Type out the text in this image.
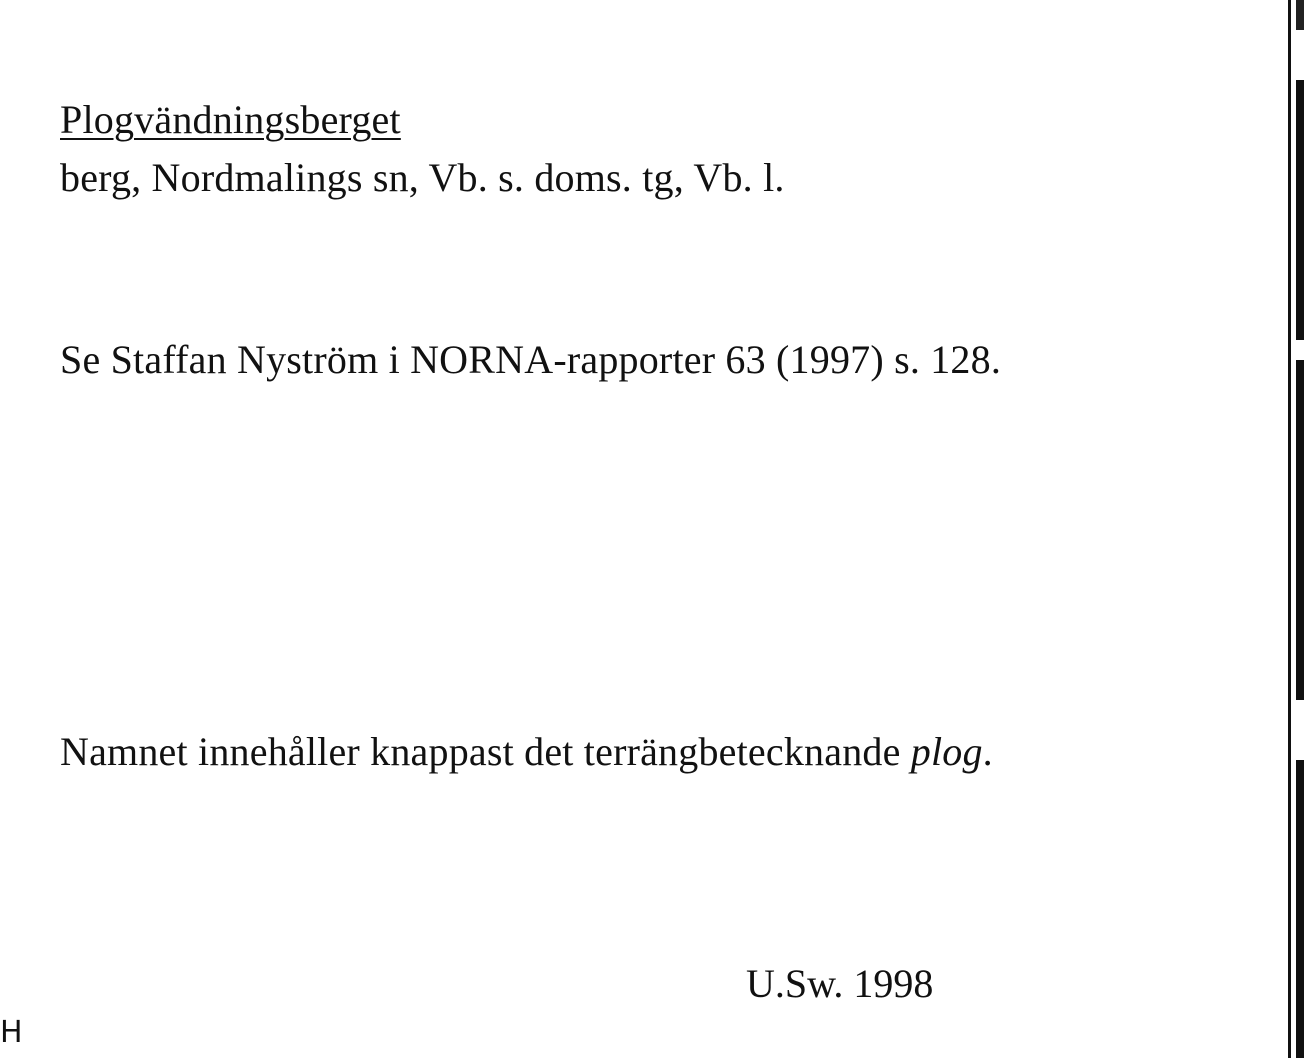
Plogvändningsberget
berg, Nordmalings sn, Vb. s. doms. tg, Vb. l.
Se Staffan Nyström i NORNA-rapporter 63 (1997) s. 128.
Namnet innehåller knappast det terrängbetecknande plog.
U.Sw. 1998
H
